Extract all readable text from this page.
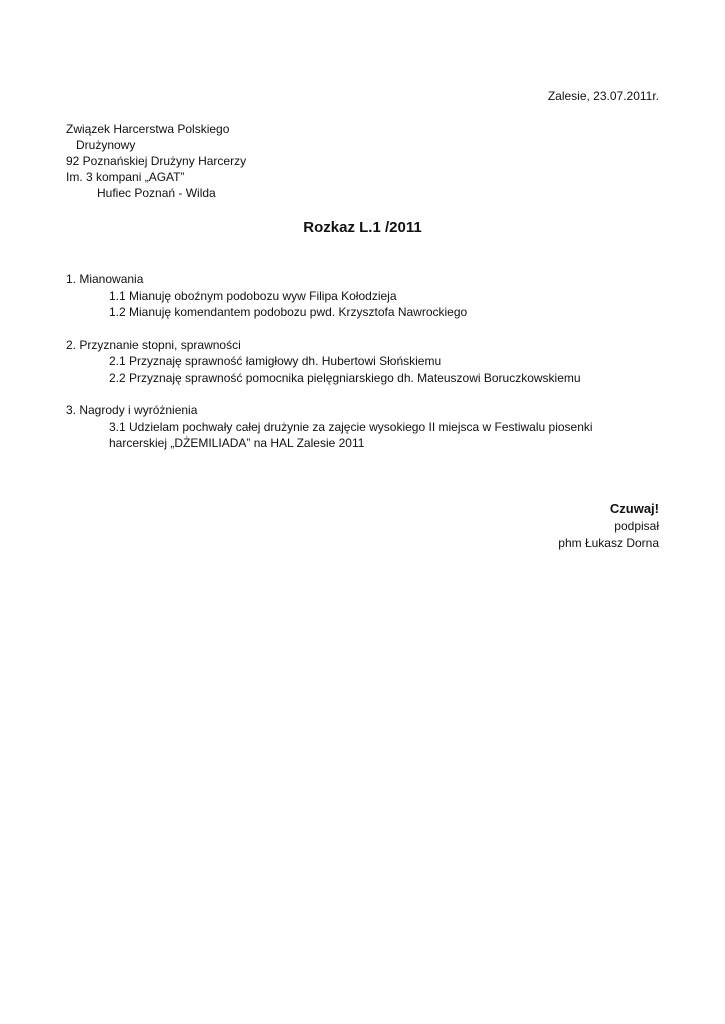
Zalesie, 23.07.2011r.
Związek Harcerstwa Polskiego
Drużynowy
92 Poznańskiej Drużyny Harcerzy
Im. 3 kompani „AGAT”
Hufiec Poznań - Wilda
Rozkaz L.1 /2011
1. Mianowania
1.1 Mianuję oboźnym podobozu wyw Filipa Kołodzieja
1.2 Mianuję komendantem podobozu pwd. Krzysztofa Nawrockiego
2. Przyznanie stopni, sprawności
2.1 Przyznaję sprawność łamigłowy dh. Hubertowi Słońskiemu
2.2 Przyznaję sprawność pomocnika pielęgniarskiego dh. Mateuszowi Boruczkowskiemu
3. Nagrody i wyróżnienia
3.1 Udzielam pochwały całej drużynie za zajęcie wysokiego II miejsca w Festiwalu piosenki
harcerskiej „DŻEMILIADA” na HAL Zalesie 2011
Czuwaj!
podpisał
phm Łukasz Dorna
